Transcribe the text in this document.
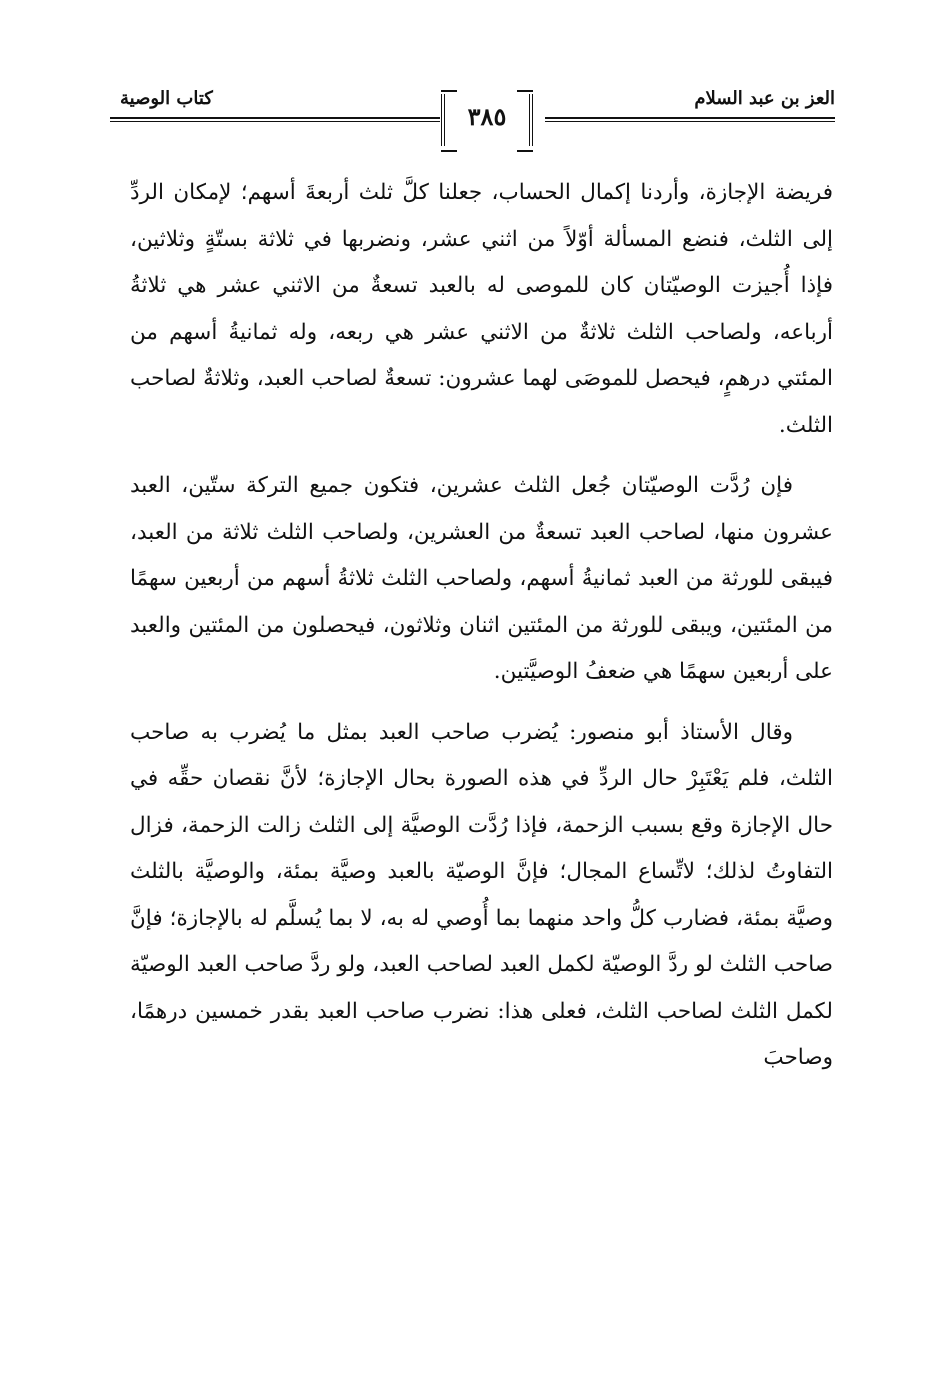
العز بن عبد السلام
كتاب الوصية
٣٨٥

فريضة الإجازة، وأردنا إكمال الحساب، جعلنا كلَّ ثلث أربعةَ أسهم؛ لإمكان الردِّ إلى الثلث، فنضع المسألة أوّلاً من اثني عشر، ونضربها في ثلاثة بستّةٍ وثلاثين، فإذا أُجيزت الوصيّتان كان للموصى له بالعبد تسعةٌ من الاثني عشر هي ثلاثةُ أرباعه، ولصاحب الثلث ثلاثةٌ من الاثني عشر هي ربعه، وله ثمانيةُ أسهم من المئتي درهمٍ، فيحصل للموصَى لهما عشرون: تسعةٌ لصاحب العبد، وثلاثةٌ لصاحب الثلث.

فإن رُدَّت الوصيّتان جُعل الثلث عشرين، فتكون جميع التركة ستّين، العبد عشرون منها، لصاحب العبد تسعةٌ من العشرين، ولصاحب الثلث ثلاثة من العبد، فيبقى للورثة من العبد ثمانيةُ أسهم، ولصاحب الثلث ثلاثةُ أسهم من أربعين سهمًا من المئتين، ويبقى للورثة من المئتين اثنان وثلاثون، فيحصلون من المئتين والعبد على أربعين سهمًا هي ضعفُ الوصيَّتين.

وقال الأستاذ أبو منصور: يُضرب صاحب العبد بمثل ما يُضرب به صاحب الثلث، فلم يَعْتَبِرْ حال الردِّ في هذه الصورة بحال الإجازة؛ لأنَّ نقصان حقِّه في حال الإجازة وقع بسبب الزحمة، فإذا رُدَّت الوصيَّة إلى الثلث زالت الزحمة، فزال التفاوتُ لذلك؛ لاتِّساع المجال؛ فإنَّ الوصيّة بالعبد وصيَّة بمئة، والوصيَّة بالثلث وصيَّة بمئة، فضارب كلُّ واحد منهما بما أُوصي له به، لا بما يُسلَّم له بالإجازة؛ فإنَّ صاحب الثلث لو ردَّ الوصيّة لكمل العبد لصاحب العبد، ولو ردَّ صاحب العبد الوصيّة لكمل الثلث لصاحب الثلث، فعلى هذا: نضرب صاحب العبد بقدر خمسين درهمًا، وصاحبَ
